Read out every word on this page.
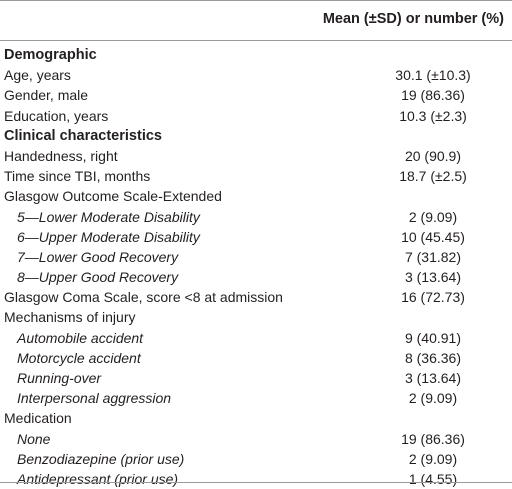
Mean (±SD) or number (%)
Demographic
Age, years	30.1 (±10.3)
Gender, male	19 (86.36)
Education, years	10.3 (±2.3)
Clinical characteristics
Handedness, right	20 (90.9)
Time since TBI, months	18.7 (±2.5)
Glasgow Outcome Scale-Extended
5—Lower Moderate Disability	2 (9.09)
6—Upper Moderate Disability	10 (45.45)
7—Lower Good Recovery	7 (31.82)
8—Upper Good Recovery	3 (13.64)
Glasgow Coma Scale, score <8 at admission	16 (72.73)
Mechanisms of injury
Automobile accident	9 (40.91)
Motorcycle accident	8 (36.36)
Running-over	3 (13.64)
Interpersonal aggression	2 (9.09)
Medication
None	19 (86.36)
Benzodiazepine (prior use)	2 (9.09)
Antidepressant (prior use)	1 (4.55)
